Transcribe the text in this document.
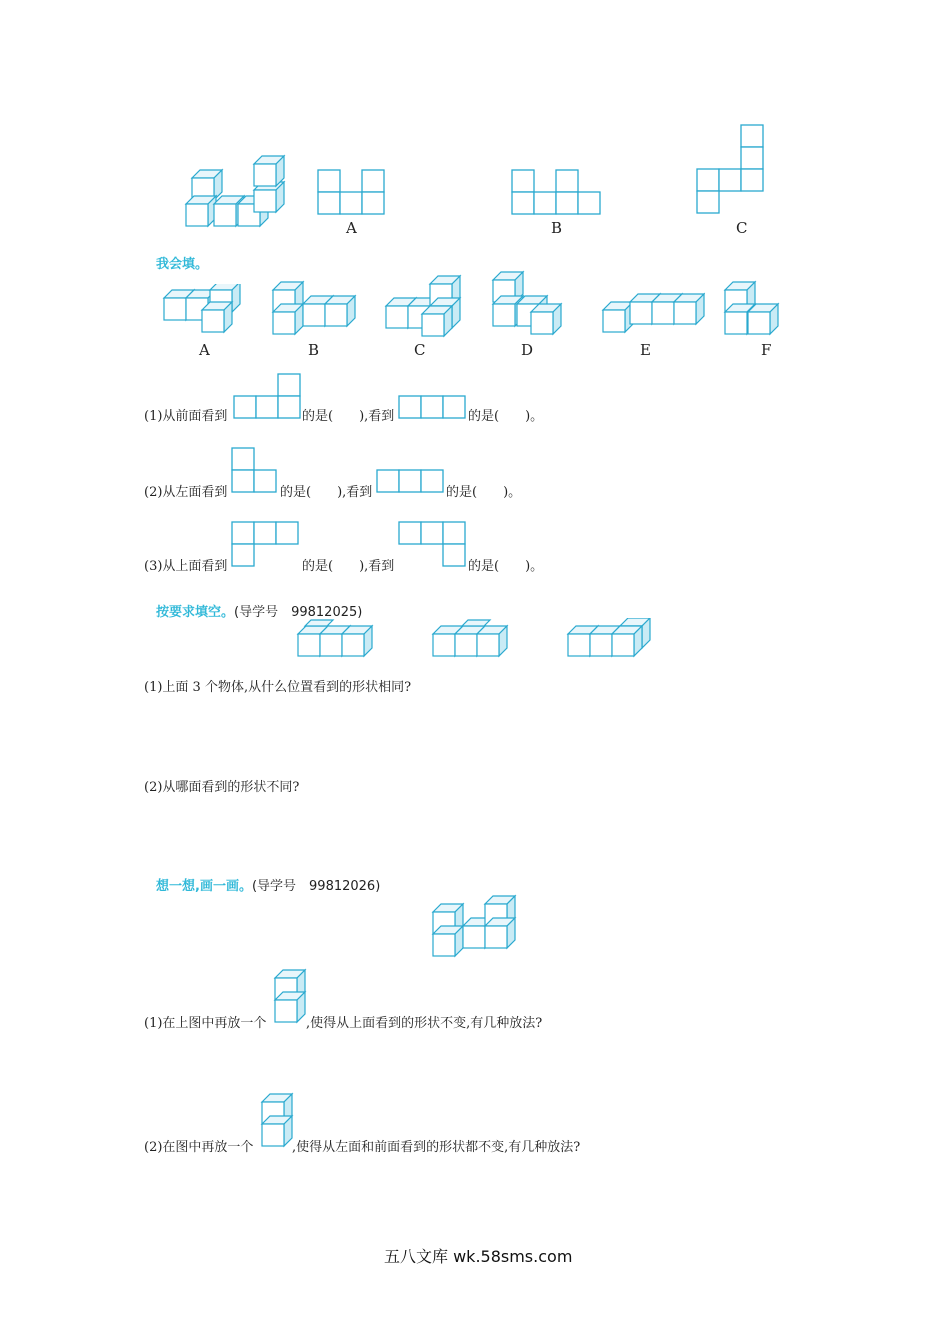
A	B	C
我会填。
A	B	C	D	E	F
(1)从前面看到	的是(　　),看到	的是(　　)。
(2)从左面看到	的是(　　),看到	的是(　　)。
(3)从上面看到	的是(　　),看到	的是(　　)。
按要求填空。(导学号　99812025)
(1)上面 3 个物体,从什么位置看到的形状相同?
(2)从哪面看到的形状不同?
想一想,画一画。(导学号　99812026)
(1)在上图中再放一个	,使得从上面看到的形状不变,有几种放法?
(2)在图中再放一个	,使得从左面和前面看到的形状都不变,有几种放法?
五八文库 wk.58sms.com
